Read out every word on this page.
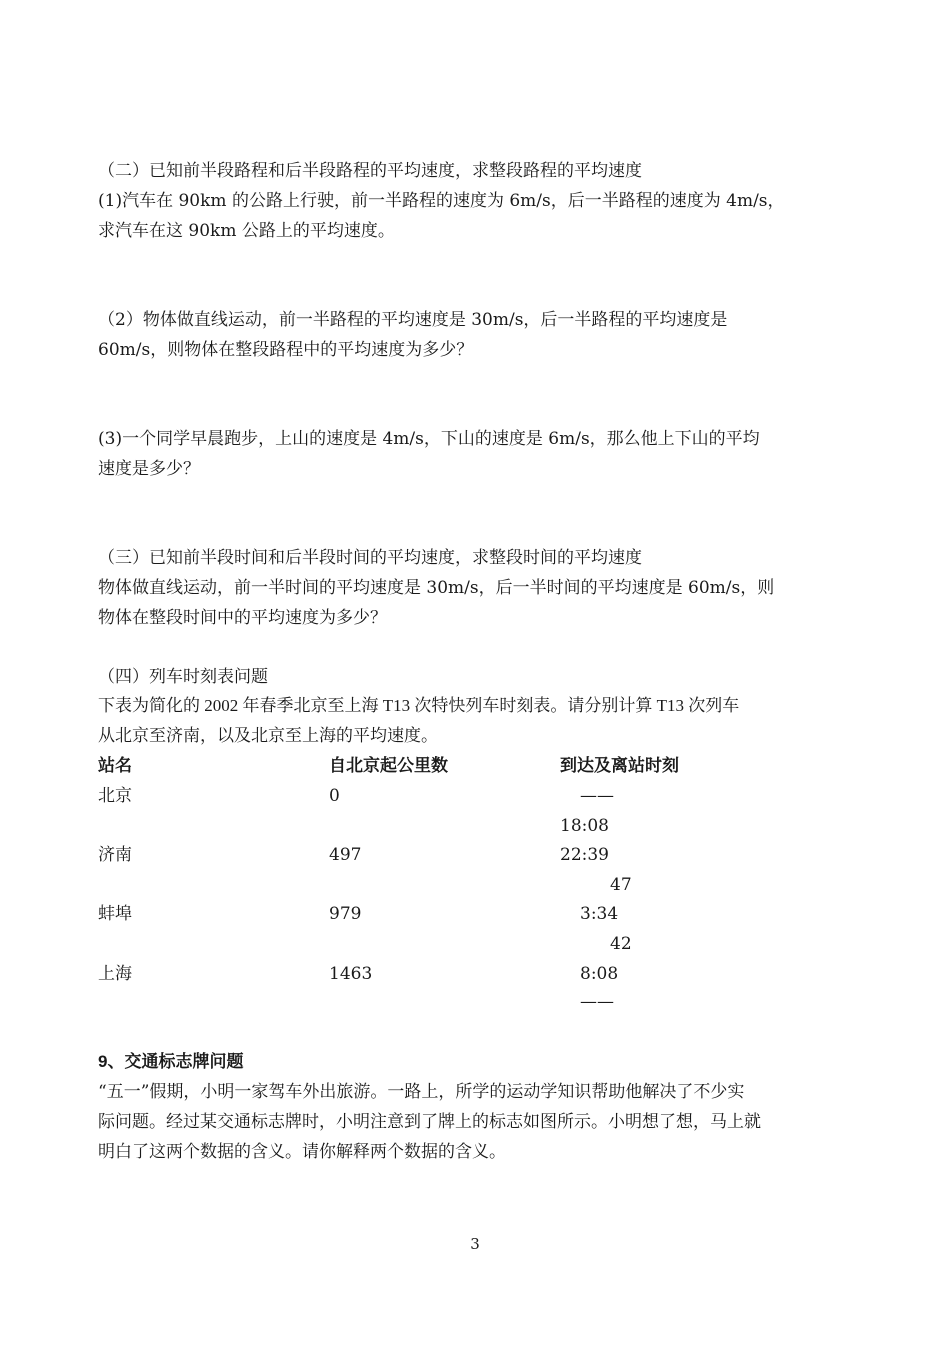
（二）已知前半段路程和后半段路程的平均速度，求整段路程的平均速度
(1)汽车在 90km 的公路上行驶，前一半路程的速度为 6m/s，后一半路程的速度为 4m/s，
求汽车在这 90km 公路上的平均速度。
（2）物体做直线运动，前一半路程的平均速度是 30m/s，后一半路程的平均速度是
60m/s，则物体在整段路程中的平均速度为多少？
(3)一个同学早晨跑步，上山的速度是 4m/s，下山的速度是 6m/s，那么他上下山的平均
速度是多少？
（三）已知前半段时间和后半段时间的平均速度，求整段时间的平均速度
物体做直线运动，前一半时间的平均速度是 30m/s，后一半时间的平均速度是 60m/s，则
物体在整段时间中的平均速度为多少？
（四）列车时刻表问题
下表为简化的 2002 年春季北京至上海 T13 次特快列车时刻表。请分别计算 T13 次列车
从北京至济南，以及北京至上海的平均速度。
站名	自北京起公里数	到达及离站时刻
北京	0	——
18:08
济南	497	22:39
47
蚌埠	979	3:34
42
上海	1463	8:08
——
9、交通标志牌问题
“五一”假期，小明一家驾车外出旅游。一路上，所学的运动学知识帮助他解决了不少实
际问题。经过某交通标志牌时，小明注意到了牌上的标志如图所示。小明想了想，马上就
明白了这两个数据的含义。请你解释两个数据的含义。
3
